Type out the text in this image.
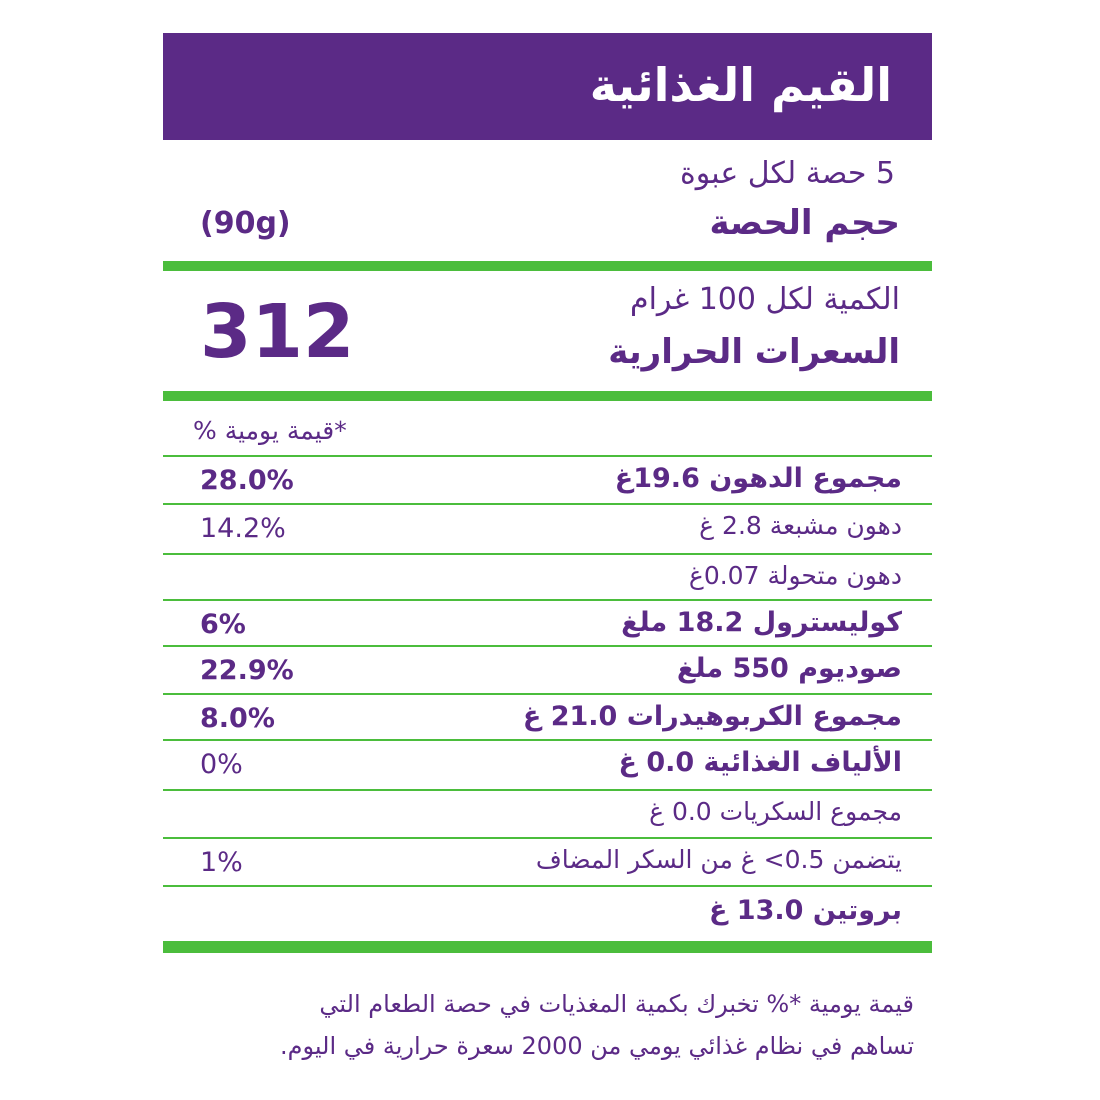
القيم الغذائية
5 حصة لكل عبوة
حجم الحصة
(90g)
الكمية لكل 100 غرام
السعرات الحرارية
312
*قيمة يومية %
مجموع الدهون 19.6غ
28.0%
دهون مشبعة 2.8 غ
14.2%
دهون متحولة 0.07غ
كوليسترول 18.2 ملغ
6%
صوديوم 550 ملغ
22.9%
مجموع الكربوهيدرات 21.0 غ
8.0%
الألياف الغذائية 0.0 غ
0%
مجموع السكريات 0.0 غ
يتضمن 0.5> غ من السكر المضاف
1%
بروتين 13.0 غ
قيمة يومية *% تخبرك بكمية المغذيات في حصة الطعام التي
تساهم في نظام غذائي يومي من 2000 سعرة حرارية في اليوم.
